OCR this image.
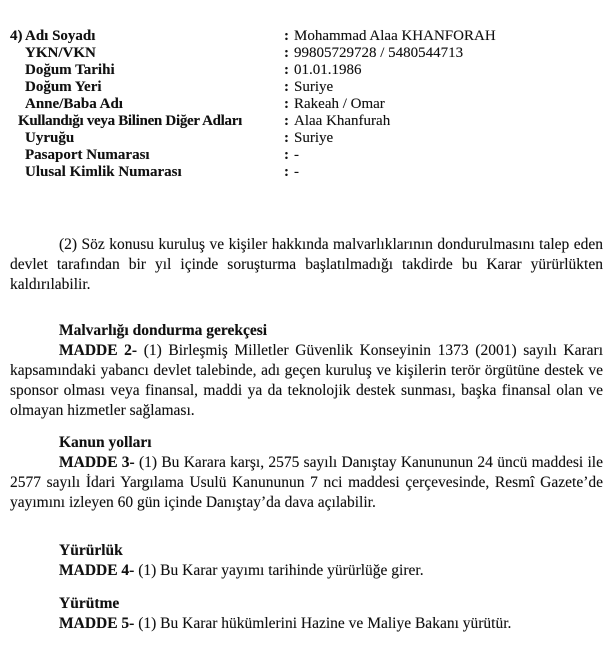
4) Adı Soyadı	: Mohammad Alaa KHANFORAH
YKN/VKN	: 99805729728 / 5480544713
Doğum Tarihi	: 01.01.1986
Doğum Yeri	: Suriye
Anne/Baba Adı	: Rakeah / Omar
Kullandığı veya Bilinen Diğer Adları	: Alaa Khanfurah
Uyruğu	: Suriye
Pasaport Numarası	: -
Ulusal Kimlik Numarası	: -

(2) Söz konusu kuruluş ve kişiler hakkında malvarlıklarının dondurulmasını talep eden devlet tarafından bir yıl içinde soruşturma başlatılmadığı takdirde bu Karar yürürlükten kaldırılabilir.

Malvarlığı dondurma gerekçesi

MADDE 2- (1) Birleşmiş Milletler Güvenlik Konseyinin 1373 (2001) sayılı Kararı kapsamındaki yabancı devlet talebinde, adı geçen kuruluş ve kişilerin terör örgütüne destek ve sponsor olması veya finansal, maddi ya da teknolojik destek sunması, başka finansal olan ve olmayan hizmetler sağlaması.

Kanun yolları

MADDE 3- (1) Bu Karara karşı, 2575 sayılı Danıştay Kanununun 24 üncü maddesi ile 2577 sayılı İdari Yargılama Usulü Kanununun 7 nci maddesi çerçevesinde, Resmî Gazete’de yayımını izleyen 60 gün içinde Danıştay’da dava açılabilir.

Yürürlük

MADDE 4- (1) Bu Karar yayımı tarihinde yürürlüğe girer.

Yürütme

MADDE 5- (1) Bu Karar hükümlerini Hazine ve Maliye Bakanı yürütür.
